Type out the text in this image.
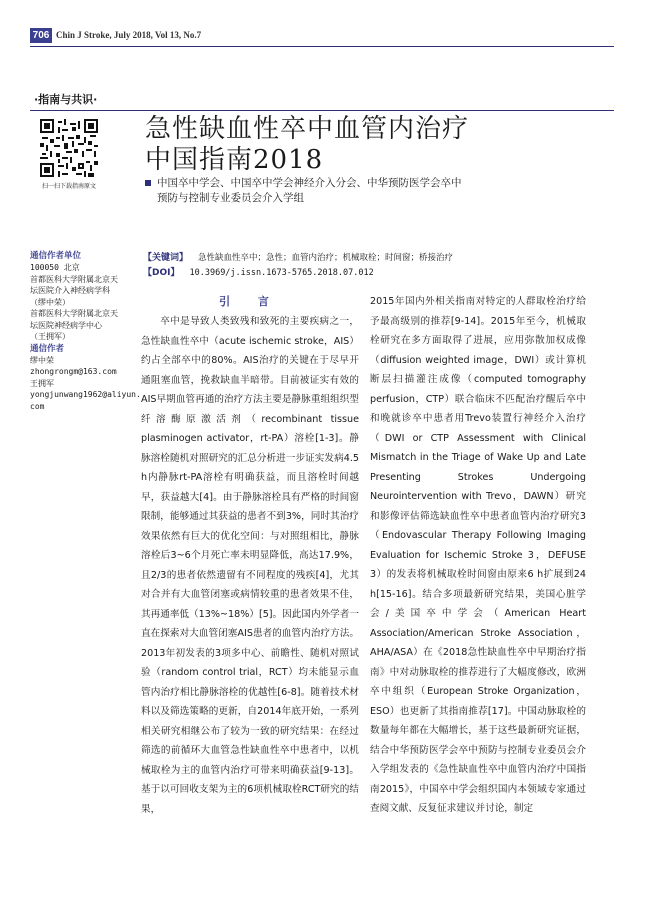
706 Chin J Stroke, July 2018, Vol 13, No.7
·指南与共识·
扫一扫下载指南原文
急性缺血性卒中血管内治疗
中国指南2018
中国卒中学会、中国卒中学会神经介入分会、中华预防医学会卒中
预防与控制专业委员会介入学组
通信作者单位
100050 北京
首都医科大学附属北京天
坛医院介入神经病学科
（缪中荣）
首都医科大学附属北京天
坛医院神经病学中心
（王拥军）
通信作者
缪中荣
zhongrongm@163.com
王拥军
yongjunwang1962@aliyun.
com
【关键词】 急性缺血性卒中；急性；血管内治疗；机械取栓；时间窗；桥接治疗
【DOI】 10.3969/j.issn.1673-5765.2018.07.012
引 言

卒中是导致人类致残和致死的主要疾病之一，急性缺血性卒中（acute ischemic stroke，AIS）约占全部卒中的80%。AIS治疗的关键在于尽早开通阻塞血管，挽救缺血半暗带。目前被证实有效的AIS早期血管再通的治疗方法主要是静脉重组组织型纤溶酶原激活剂（recombinant tissue plasminogen activator，rt-PA）溶栓[1-3]。静脉溶栓随机对照研究的汇总分析进一步证实发病4.5 h内静脉rt-PA溶栓有明确获益，而且溶栓时间越早，获益越大[4]。由于静脉溶栓具有严格的时间窗限制，能够通过其获益的患者不到3%，同时其治疗效果依然有巨大的优化空间：与对照组相比，静脉溶栓后3~6个月死亡率未明显降低，高达17.9%，且2/3的患者依然遗留有不同程度的残疾[4]，尤其对合并有大血管闭塞或病情较重的患者效果不佳，其再通率低（13%~18%）[5]。因此国内外学者一直在探索对大血管闭塞AIS患者的血管内治疗方法。2013年初发表的3项多中心、前瞻性、随机对照试验（random control trial，RCT）均未能显示血管内治疗相比静脉溶栓的优越性[6-8]。随着技术材料以及筛选策略的更新，自2014年底开始，一系列相关研究相继公布了较为一致的研究结果：在经过筛选的前循环大血管急性缺血性卒中患者中，以机械取栓为主的血管内治疗可带来明确获益[9-13]。基于以可回收支架为主的6项机械取栓RCT研究的结果，

2015年国内外相关指南对特定的人群取栓治疗给予最高级别的推荐[9-14]。2015年至今，机械取栓研究在多方面取得了进展，应用弥散加权成像（diffusion weighted image，DWI）或计算机断层扫描灌注成像（computed tomography perfusion，CTP）联合临床不匹配治疗醒后卒中和晚就诊卒中患者用Trevo装置行神经介入治疗（DWI or CTP Assessment with Clinical Mismatch in the Triage of Wake Up and Late Presenting Strokes Undergoing Neurointervention with Trevo，DAWN）研究和影像评估筛选缺血性卒中患者血管内治疗研究3（Endovascular Therapy Following Imaging Evaluation for Ischemic Stroke 3，DEFUSE 3）的发表将机械取栓时间窗由原来6 h扩展到24 h[15-16]。结合多项最新研究结果，美国心脏学会/美国卒中学会（American Heart Association/American Stroke Association，AHA/ASA）在《2018急性缺血性卒中早期治疗指南》中对动脉取栓的推荐进行了大幅度修改，欧洲卒中组织（European Stroke Organization，ESO）也更新了其指南推荐[17]。中国动脉取栓的数量每年都在大幅增长，基于这些最新研究证据，结合中华预防医学会卒中预防与控制专业委员会介入学组发表的《急性缺血性卒中血管内治疗中国指南2015》，中国卒中学会组织国内本领域专家通过查阅文献、反复征求建议并讨论，制定
